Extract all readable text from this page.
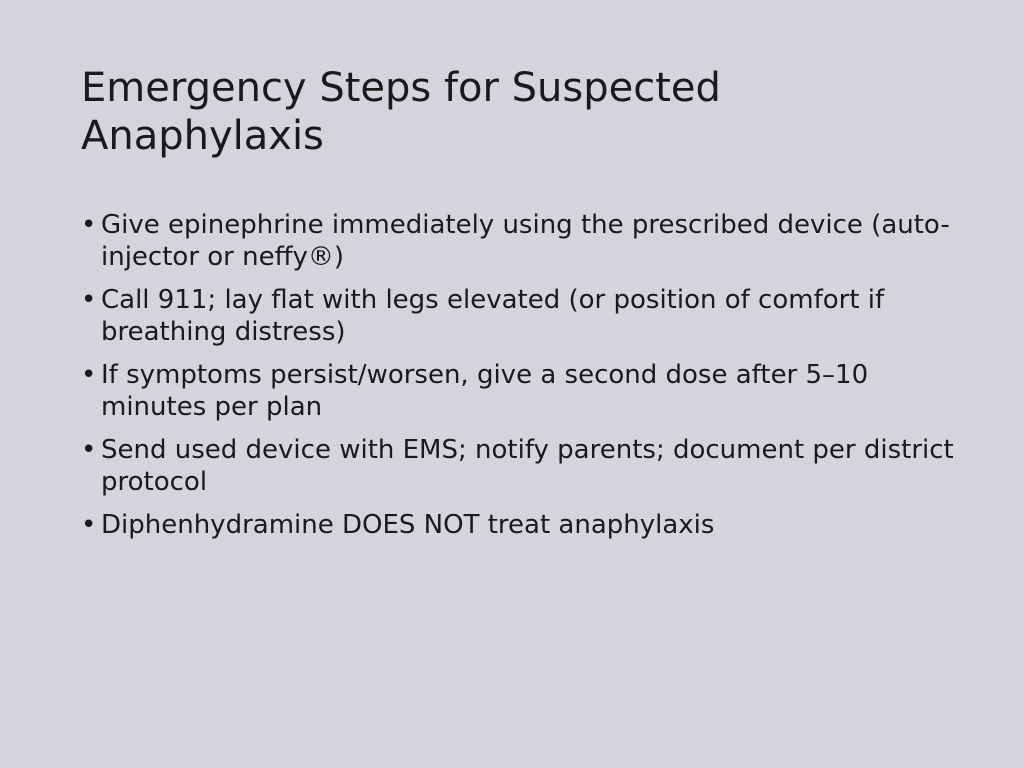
Emergency Steps for Suspected Anaphylaxis
• Give epinephrine immediately using the prescribed device (auto-injector or neffy®)
• Call 911; lay flat with legs elevated (or position of comfort if breathing distress)
• If symptoms persist/worsen, give a second dose after 5–10 minutes per plan
• Send used device with EMS; notify parents; document per district protocol
• Diphenhydramine DOES NOT treat anaphylaxis
